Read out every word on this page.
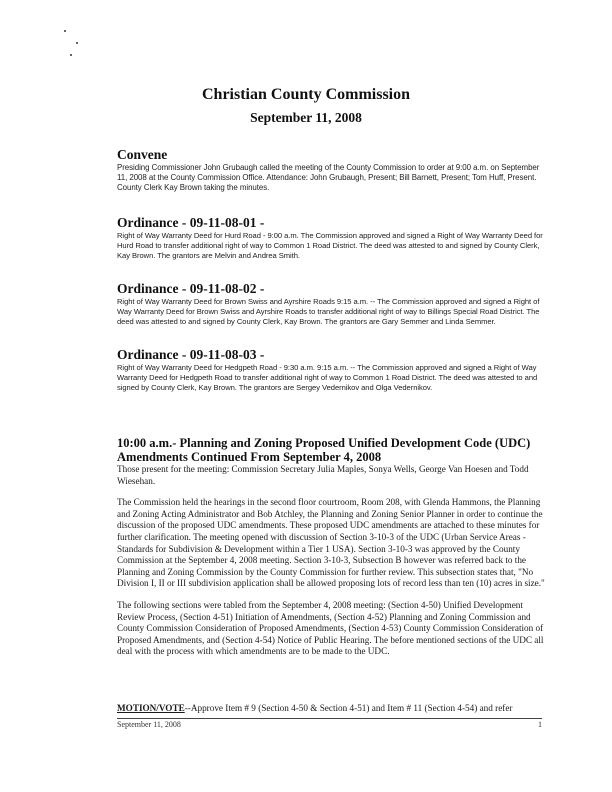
Christian County Commission
September 11, 2008

Convene

Presiding Commissioner John Grubaugh called the meeting of the County Commission to order at 9:00 a.m. on September 11, 2008 at the County Commission Office. Attendance: John Grubaugh, Present; Bill Barnett, Present; Tom Huff, Present. County Clerk Kay Brown taking the minutes.

Ordinance - 09-11-08-01 -

Right of Way Warranty Deed for Hurd Road - 9:00 a.m. The Commission approved and signed a Right of Way Warranty Deed for Hurd Road to transfer additional right of way to Common 1 Road District. The deed was attested to and signed by County Clerk, Kay Brown. The grantors are Melvin and Andrea Smith.

Ordinance - 09-11-08-02 -

Right of Way Warranty Deed for Brown Swiss and Ayrshire Roads 9:15 a.m. -- The Commission approved and signed a Right of Way Warranty Deed for Brown Swiss and Ayrshire Roads to transfer additional right of way to Billings Special Road District. The deed was attested to and signed by County Clerk, Kay Brown. The grantors are Gary Semmer and Linda Semmer.

Ordinance - 09-11-08-03 -

Right of Way Warranty Deed for Hedgpeth Road - 9:30 a.m. 9:15 a.m. -- The Commission approved and signed a Right of Way Warranty Deed for Hedgpeth Road to transfer additional right of way to Common 1 Road District. The deed was attested to and signed by County Clerk, Kay Brown. The grantors are Sergey Vedernikov and Olga Vedernikov.

10:00 a.m.- Planning and Zoning Proposed Unified Development Code (UDC) Amendments Continued From September 4, 2008

Those present for the meeting: Commission Secretary Julia Maples, Sonya Wells, George Van Hoesen and Todd Wiesehan.

The Commission held the hearings in the second floor courtroom, Room 208, with Glenda Hammons, the Planning and Zoning Acting Administrator and Bob Atchley, the Planning and Zoning Senior Planner in order to continue the discussion of the proposed UDC amendments. These proposed UDC amendments are attached to these minutes for further clarification. The meeting opened with discussion of Section 3-10-3 of the UDC (Urban Service Areas - Standards for Subdivision & Development within a Tier 1 USA). Section 3-10-3 was approved by the County Commission at the September 4, 2008 meeting. Section 3-10-3, Subsection B however was referred back to the Planning and Zoning Commission by the County Commission for further review. This subsection states that, "No Division I, II or III subdivision application shall be allowed proposing lots of record less than ten (10) acres in size."

The following sections were tabled from the September 4, 2008 meeting: (Section 4-50) Unified Development Review Process, (Section 4-51) Initiation of Amendments, (Section 4-52) Planning and Zoning Commission and County Commission Consideration of Proposed Amendments, (Section 4-53) County Commission Consideration of Proposed Amendments, and (Section 4-54) Notice of Public Hearing. The before mentioned sections of the UDC all deal with the process with which amendments are to be made to the UDC.

MOTION/VOTE--Approve Item # 9 (Section 4-50 & Section 4-51) and Item # 11 (Section 4-54) and refer
September 11, 2008	1
